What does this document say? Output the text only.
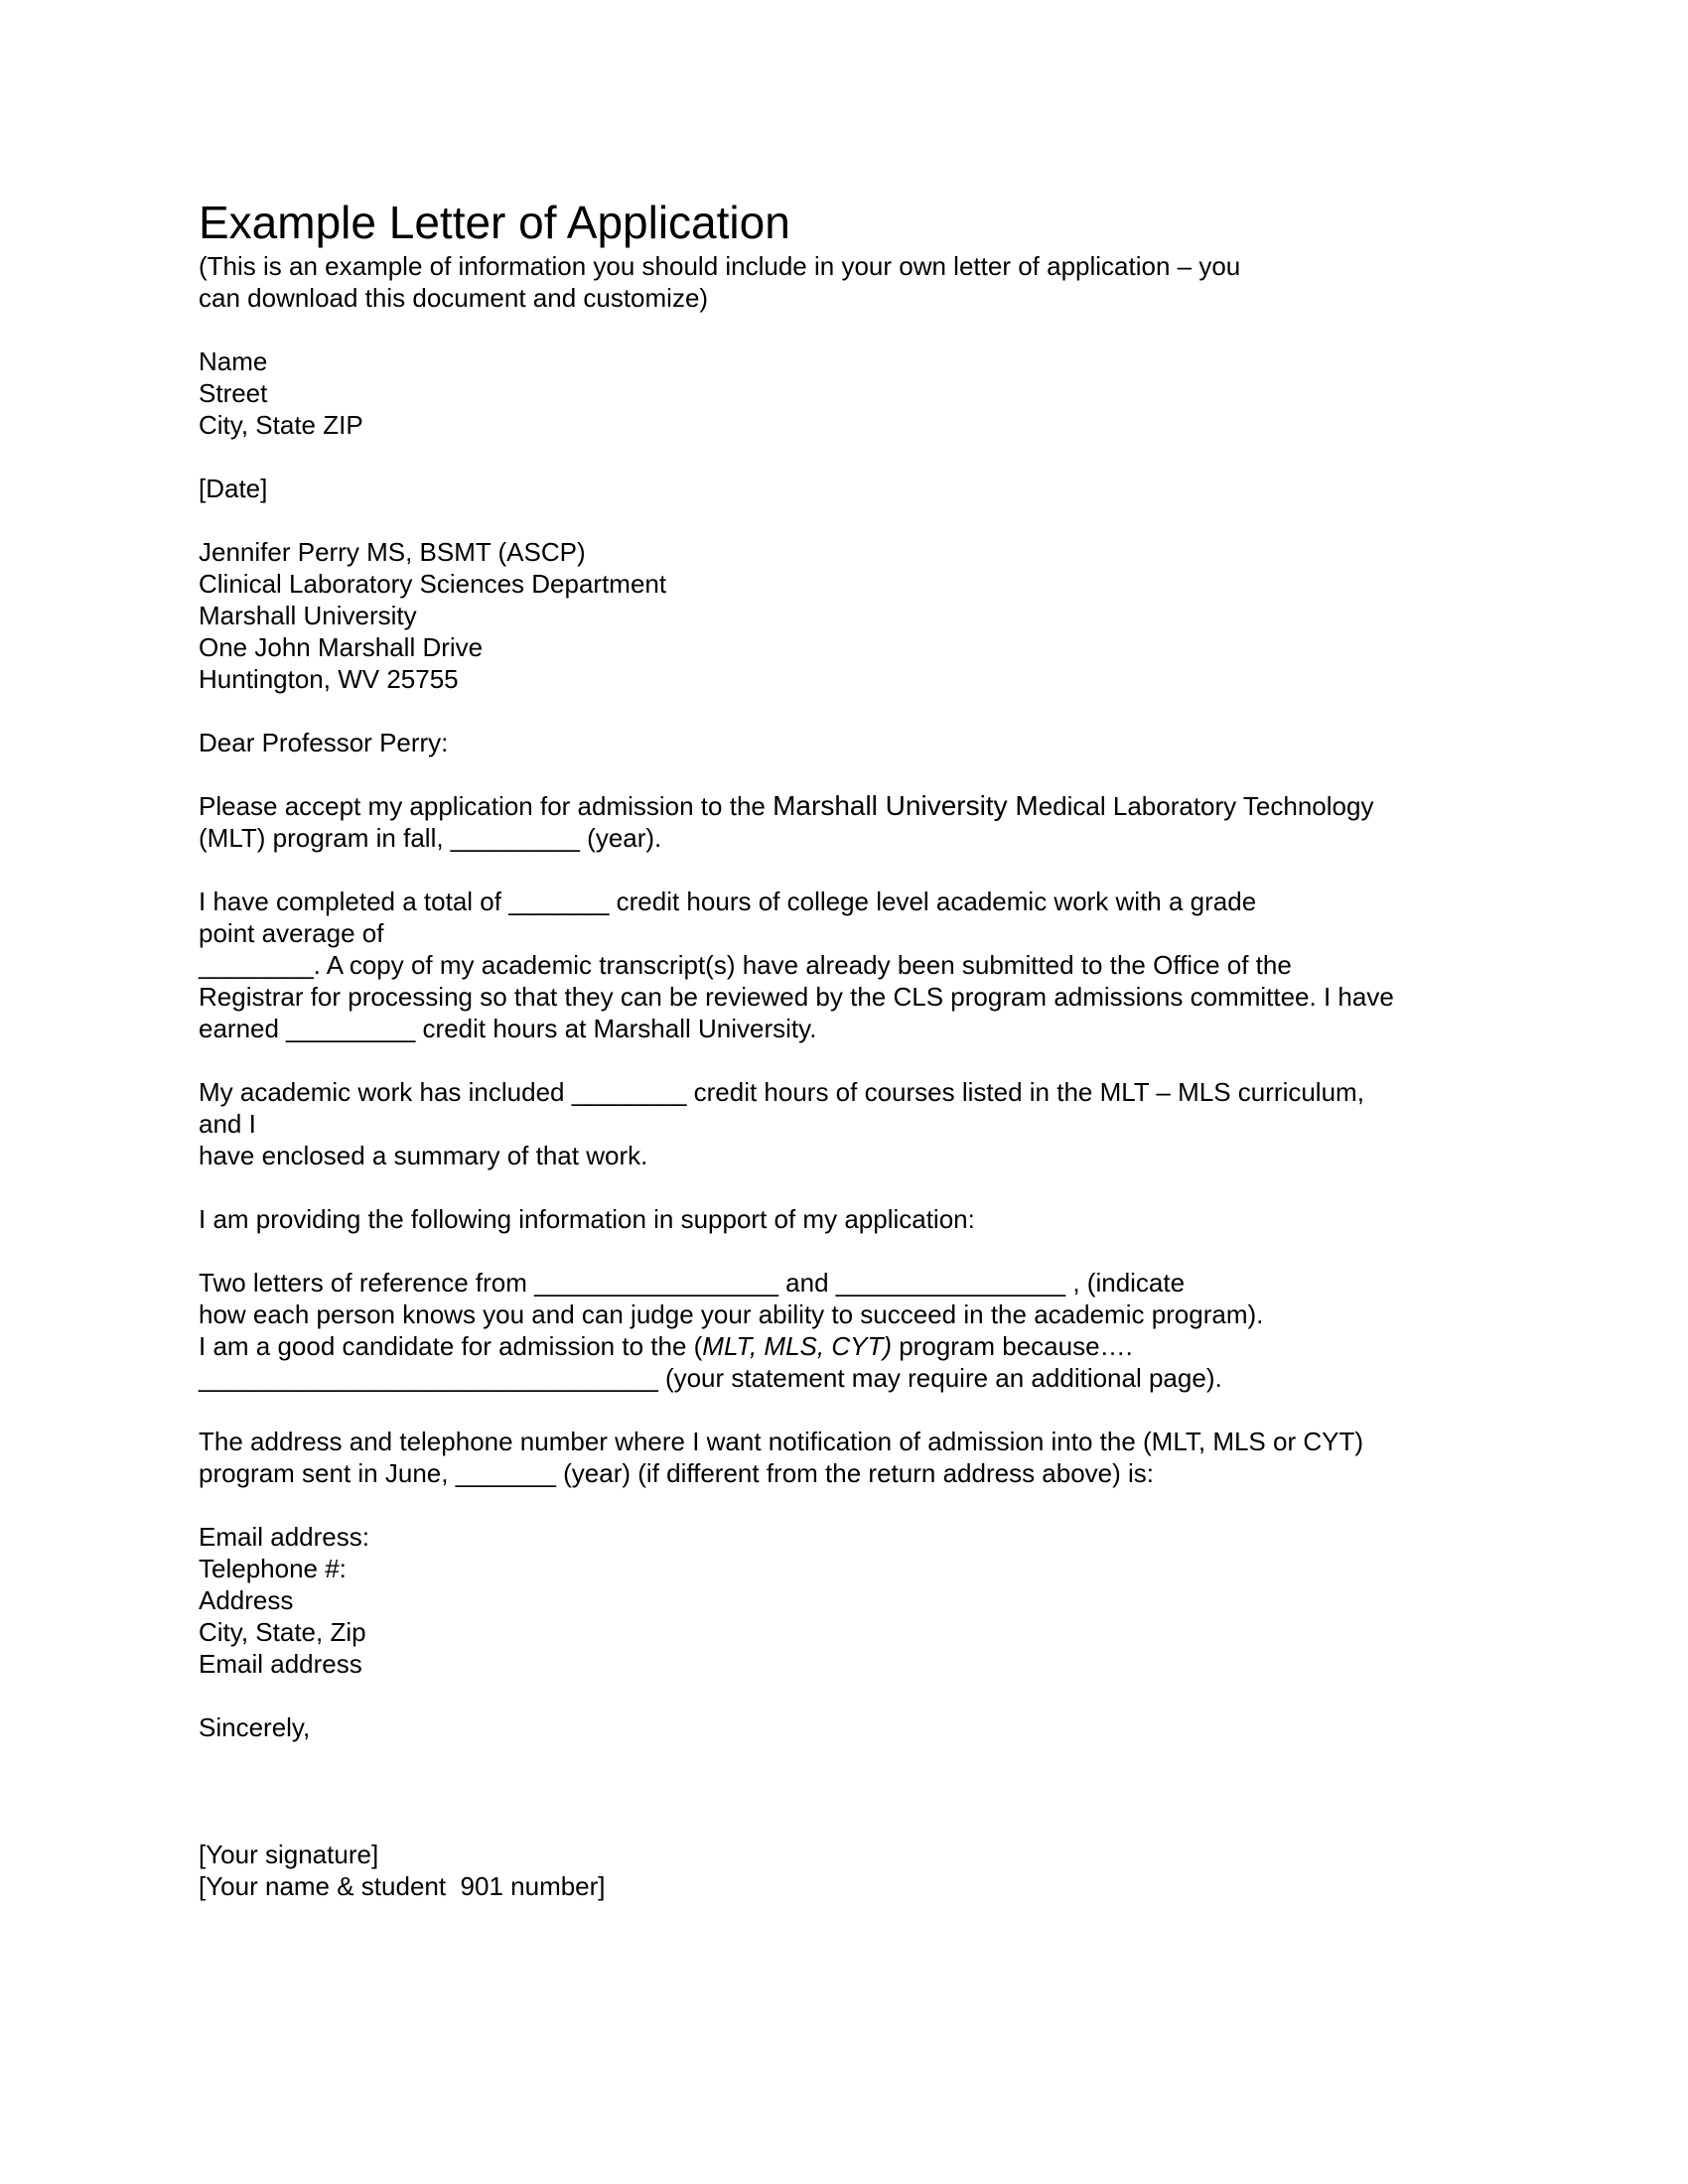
Example Letter of Application
(This is an example of information you should include in your own letter of application – you
can download this document and customize)
Name
Street
City, State ZIP
[Date]
Jennifer Perry MS, BSMT (ASCP)
Clinical Laboratory Sciences Department
Marshall University
One John Marshall Drive
Huntington, WV 25755
Dear Professor Perry:
Please accept my application for admission to the Marshall University Medical Laboratory Technology
(MLT) program in fall, _________ (year).
I have completed a total of _______ credit hours of college level academic work with a grade
point average of
________. A copy of my academic transcript(s) have already been submitted to the Office of the
Registrar for processing so that they can be reviewed by the CLS program admissions committee. I have
earned _________ credit hours at Marshall University.
My academic work has included ________ credit hours of courses listed in the MLT – MLS curriculum,
and I
have enclosed a summary of that work.
I am providing the following information in support of my application:
Two letters of reference from _________________ and ________________ , (indicate
how each person knows you and can judge your ability to succeed in the academic program).
I am a good candidate for admission to the (MLT, MLS, CYT) program because….
________________________________ (your statement may require an additional page).
The address and telephone number where I want notification of admission into the (MLT, MLS or CYT)
program sent in June, _______ (year) (if different from the return address above) is:
Email address:
Telephone #:
Address
City, State, Zip
Email address
Sincerely,
[Your signature]
[Your name & student  901 number]
